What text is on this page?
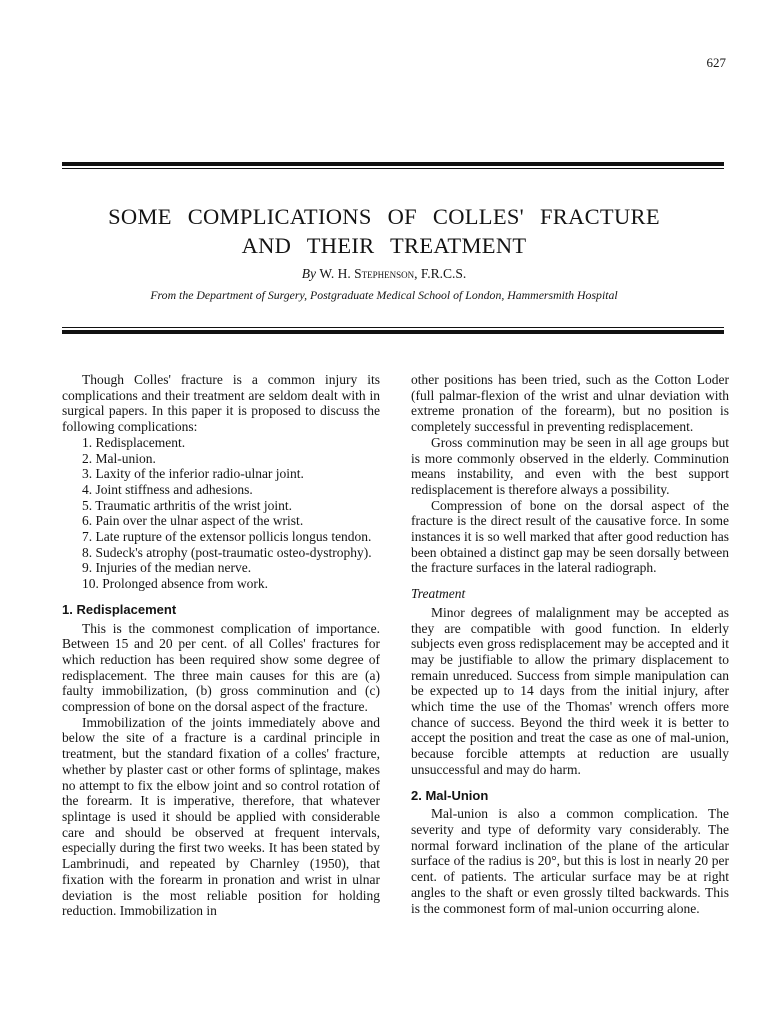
627
SOME COMPLICATIONS OF COLLES' FRACTURE
AND THEIR TREATMENT
By W. H. Stephenson, F.R.C.S.
From the Department of Surgery, Postgraduate Medical School of London, Hammersmith Hospital

Though Colles' fracture is a common injury its complications and their treatment are seldom dealt with in surgical papers. In this paper it is proposed to discuss the following complications:

1. Redisplacement.
2. Mal-union.
3. Laxity of the inferior radio-ulnar joint.
4. Joint stiffness and adhesions.
5. Traumatic arthritis of the wrist joint.
6. Pain over the ulnar aspect of the wrist.
7. Late rupture of the extensor pollicis longus tendon.
8. Sudeck's atrophy (post-traumatic osteo-dystrophy).
9. Injuries of the median nerve.
10. Prolonged absence from work.
1. Redisplacement

This is the commonest complication of importance. Between 15 and 20 per cent. of all Colles' fractures for which reduction has been required show some degree of redisplacement. The three main causes for this are (a) faulty immobilization, (b) gross comminution and (c) compression of bone on the dorsal aspect of the fracture.

Immobilization of the joints immediately above and below the site of a fracture is a cardinal principle in treatment, but the standard fixation of a colles' fracture, whether by plaster cast or other forms of splintage, makes no attempt to fix the elbow joint and so control rotation of the forearm. It is imperative, therefore, that whatever splintage is used it should be applied with considerable care and should be observed at frequent intervals, especially during the first two weeks. It has been stated by Lambrinudi, and repeated by Charnley (1950), that fixation with the forearm in pronation and wrist in ulnar deviation is the most reliable position for holding reduction. Immobilization in

other positions has been tried, such as the Cotton Loder (full palmar-flexion of the wrist and ulnar deviation with extreme pronation of the forearm), but no position is completely successful in preventing redisplacement.

Gross comminution may be seen in all age groups but is more commonly observed in the elderly. Comminution means instability, and even with the best support redisplacement is therefore always a possibility.

Compression of bone on the dorsal aspect of the fracture is the direct result of the causative force. In some instances it is so well marked that after good reduction has been obtained a distinct gap may be seen dorsally between the fracture surfaces in the lateral radiograph.

Treatment

Minor degrees of malalignment may be accepted as they are compatible with good function. In elderly subjects even gross redisplacement may be accepted and it may be justifiable to allow the primary displacement to remain unreduced. Success from simple manipulation can be expected up to 14 days from the initial injury, after which time the use of the Thomas' wrench offers more chance of success. Beyond the third week it is better to accept the position and treat the case as one of mal-union, because forcible attempts at reduction are usually unsuccessful and may do harm.

2. Mal-Union

Mal-union is also a common complication. The severity and type of deformity vary considerably. The normal forward inclination of the plane of the articular surface of the radius is 20°, but this is lost in nearly 20 per cent. of patients. The articular surface may be at right angles to the shaft or even grossly tilted backwards. This is the commonest form of mal-union occurring alone.
